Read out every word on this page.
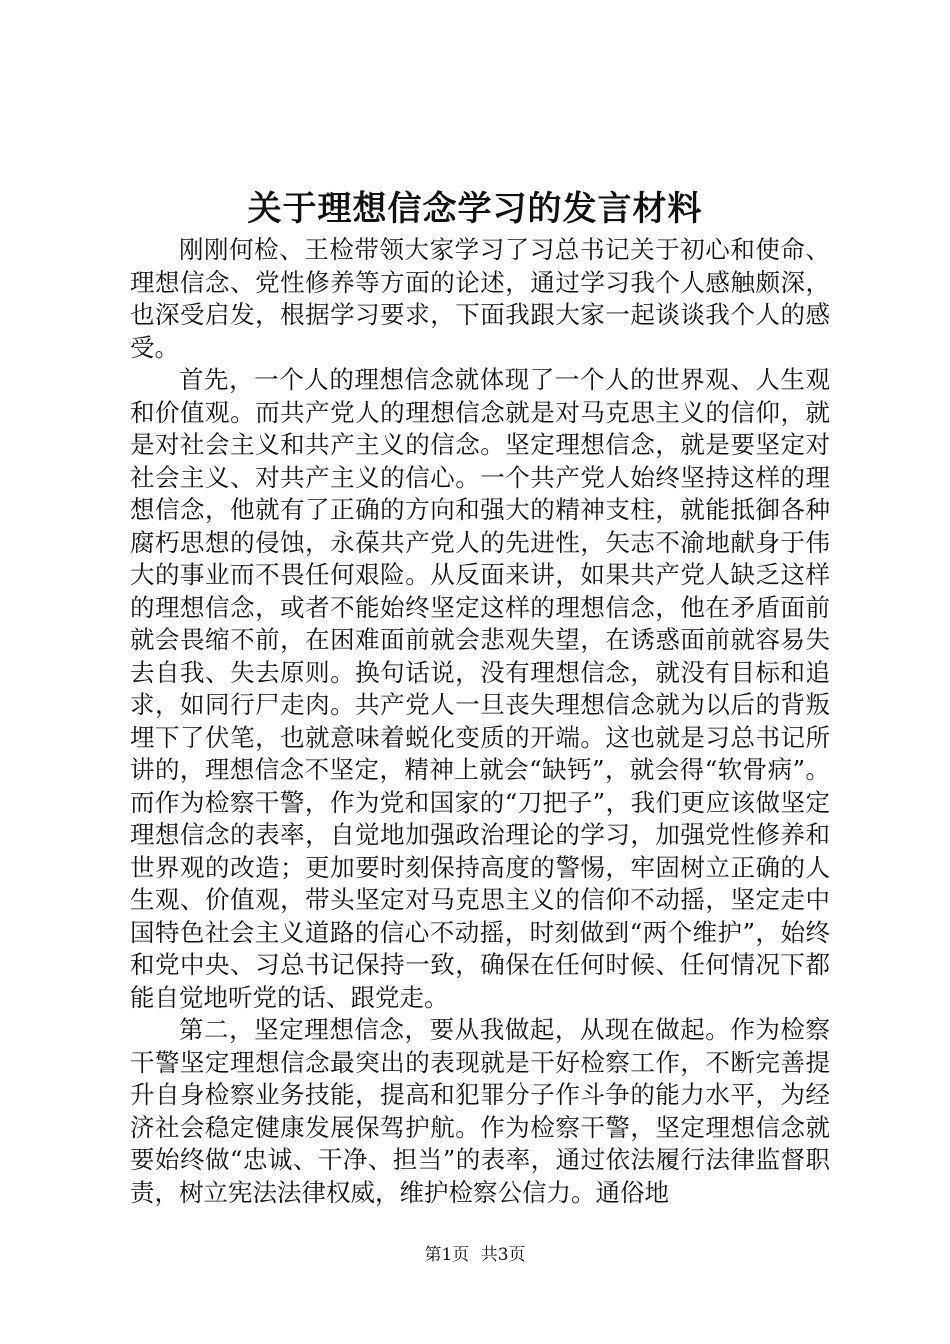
关于理想信念学习的发言材料

刚刚何检、王检带领大家学习了习总书记关于初心和使命、理想信念、党性修养等方面的论述，通过学习我个人感触颇深，也深受启发，根据学习要求，下面我跟大家一起谈谈我个人的感受。

首先，一个人的理想信念就体现了一个人的世界观、人生观和价值观。而共产党人的理想信念就是对马克思主义的信仰，就是对社会主义和共产主义的信念。坚定理想信念，就是要坚定对社会主义、对共产主义的信心。一个共产党人始终坚持这样的理想信念，他就有了正确的方向和强大的精神支柱，就能抵御各种腐朽思想的侵蚀，永葆共产党人的先进性，矢志不渝地献身于伟大的事业而不畏任何艰险。从反面来讲，如果共产党人缺乏这样的理想信念，或者不能始终坚定这样的理想信念，他在矛盾面前就会畏缩不前，在困难面前就会悲观失望，在诱惑面前就容易失去自我、失去原则。换句话说，没有理想信念，就没有目标和追求，如同行尸走肉。共产党人一旦丧失理想信念就为以后的背叛埋下了伏笔，也就意味着蜕化变质的开端。这也就是习总书记所讲的，理想信念不坚定，精神上就会“缺钙”，就会得“软骨病”。而作为检察干警，作为党和国家的“刀把子”，我们更应该做坚定理想信念的表率，自觉地加强政治理论的学习，加强党性修养和世界观的改造；更加要时刻保持高度的警惕，牢固树立正确的人生观、价值观，带头坚定对马克思主义的信仰不动摇，坚定走中国特色社会主义道路的信心不动摇，时刻做到“两个维护”，始终和党中央、习总书记保持一致，确保在任何时候、任何情况下都能自觉地听党的话、跟党走。

第二，坚定理想信念，要从我做起，从现在做起。作为检察干警坚定理想信念最突出的表现就是干好检察工作，不断完善提升自身检察业务技能，提高和犯罪分子作斗争的能力水平，为经济社会稳定健康发展保驾护航。作为检察干警，坚定理想信念就要始终做“忠诚、干净、担当”的表率，通过依法履行法律监督职责，树立宪法法律权威，维护检察公信力。通俗地

第1页 共3页
